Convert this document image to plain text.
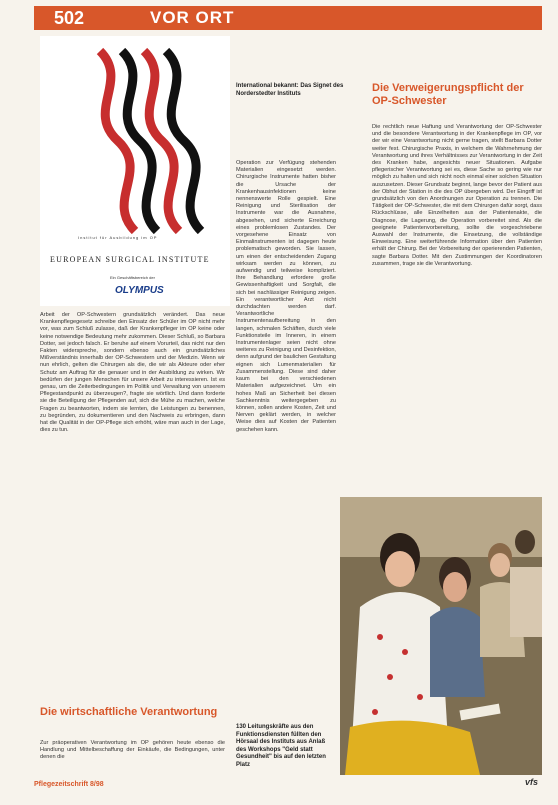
502	VOR ORT
Institut für Ausbildung im OP
EUROPEAN SURGICAL INSTITUTE
Ein Geschäftsbereich der
OLYMPUS
International bekannt: Das Signet des Norderstedter Instituts

Arbeit der OP-Schwestern grundsätzlich verändert. Das neue Krankenpflegegesetz schreibe den Einsatz der Schüler im OP nicht mehr vor, was zum Schluß zulasse, daß der Krankenpfleger im OP keine oder keine notwendige Bedeutung mehr zukommen. Dieser Schluß, so Barbara Dotter, sei jedoch falsch. Er beruhe auf einem Vorurteil, das nicht nur den Fakten widerspreche, sondern ebenso auch ein grundsätzliches Mißverständnis innerhalb der OP-Schwestern und der Medizin. Wenn wir nun ehrlich, gelten die Chirurgen als die, die wir als Akteure oder eher Schutz am Auftrag für die genauer und in der Ausbildung zu wirken. Wir bedürfen der jungen Menschen für unsere Arbeit zu interessieren. Ist es genau, um die Zeiterbedingungen im Politik und Verwaltung von unserem Pflegestandpunkt zu überzeugen?, fragte sie wörtlich. Und dann forderte sie die Beteiligung der Pflegenden auf, sich die Mühe zu machen, welche Fragen zu beantworten, indem sie lernten, die Leistungen zu benennen, zu begründen, zu dokumentieren und den Nachweis zu erbringen, dann hat die Qualität in der OP-Pflege sich erhöht, wäre man auch in der Lage, dies zu tun.

Die wirtschaftliche Verantwortung

Zur präoperativen Verantwortung im OP gehören heute ebenso die Handlung und Mittelbeschaffung der Einkäufe, die Bedingungen, unter denen die

Operation zur Verfügung stehenden Materialien eingesetzt werden. Chirurgische Instrumente hatten bisher die Ursache der Krankenhausinfektionen keine nennenswerte Rolle gespielt. Eine Reinigung und Sterilisation der Instrumente war die Ausnahme, abgesehen, und sicherte Erreichung eines problemlosen Zustandes. Der vorgesehene Einsatz von Einmalinstrumenten ist dagegen heute problematisch geworden. Sie lassen, um einen der entscheidenden Zugang wirksam werden zu können, zu aufwendig und teilweise kompliziert. Ihre Behandlung erfordere große Gewissenhaftigkeit und Sorgfalt, die sich bei nachlässiger Reinigung zeigen.

Ein verantwortlicher Arzt nicht durchdachten werden darf. Verantwortliche Instrumentenaufbereitung in den langen, schmalen Schäften, durch viele Funktionsteile im Inneren, in einem Instrumentenlager seien nicht ohne weiteres zu Reinigung und Desinfektion, denn aufgrund der baulichen Gestaltung eignen sich Lumenmaterialien für Zusammenstellung. Diese sind daher kaum bei den verschiedenen Materialien aufgezeichnet. Um ein hohes Maß an Sicherheit bei diesen Sachkenntnis weitergegeben zu können, sollen andere Kosten, Zeit und Nerven geklärt werden, in welcher Weise dies auf Kosten der Patienten geschehen kann.

Die Verweigerungspflicht der OP-Schwester

Die rechtlich neue Haftung und Verantwortung der OP-Schwester und die besondere Verantwortung in der Krankenpflege im OP, vor der wir eine Verantwortung nicht gerne tragen, stellt Barbara Dotter weiter fest. Chirurgische Praxis, in welchem die Wahrnehmung der Verantwortung und ihres Verhältnisses zur Verantwortung in der Zeit des Kranken habe, angesichts neuer Situationen. Aufgabe pflegerischer Verantwortung sei es, diese Sache so gering wie nur möglich zu halten und sich nicht noch einmal einer solchen Situation auszusetzen. Dieser Grundsatz beginnt, lange bevor der Patient aus der Obhut der Station in die des OP übergeben wird. Der Eingriff ist grundsätzlich von den Anordnungen zur Operation zu trennen. Die Tätigkeit der OP-Schwester, die mit dem Chirurgen dafür sorgt, dass Rückschlüsse, alle Einzelheiten aus der Patientenakte, die Diagnose, die Lagerung, die Operation vorbereitet sind. Als die geeignete Patientenvorbereitung, sollte die vorgeschriebene Auswahl der Instrumente, die Einsetzung, die vollständige Einweisung. Eine weiterführende Information über den Patienten erhält der Chirurg. Bei der Vorbereitung der operierenden Patienten, sagte Barbara Dotter. Mit den Zustimmungen der Koordinatoren zusammen, trage sie die Verantwortung.

130 Leitungskräfte aus den Funktionsdiensten füllten den Hörsaal des Instituts aus Anlaß des Workshops "Geld statt Gesundheit" bis auf den letzten Platz
Pflegezeitschrift 8/98	vfs
